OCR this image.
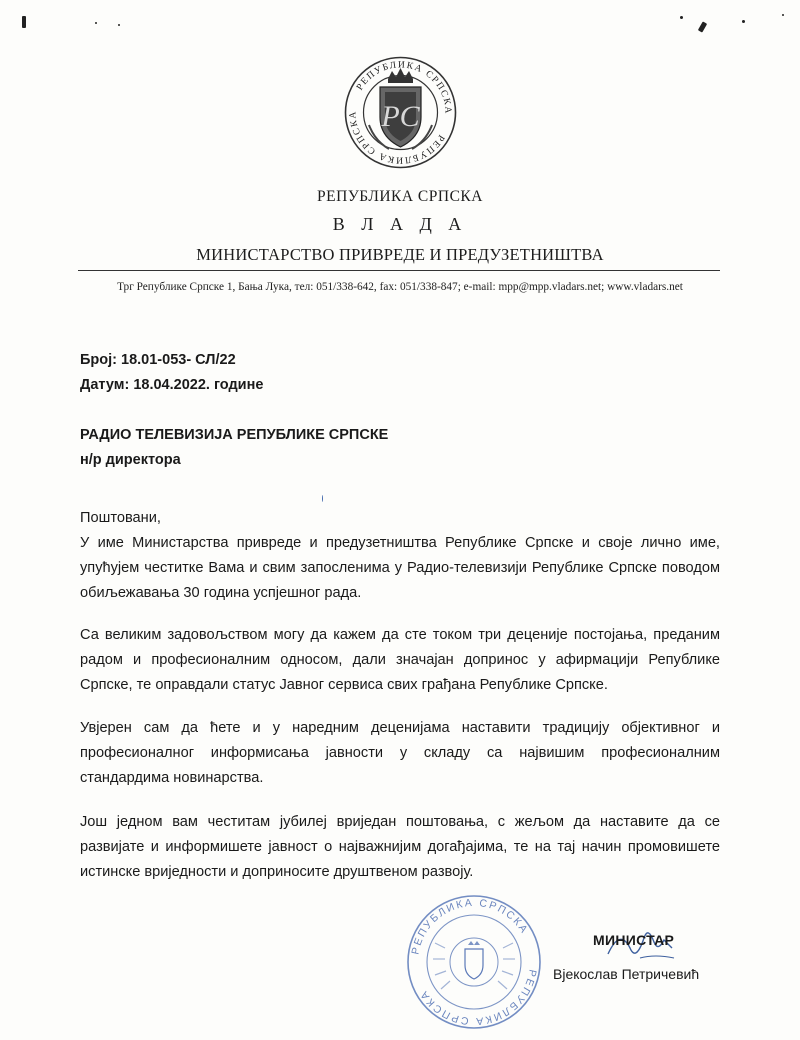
РЕПУБЛИКА СРПСКА
РЕПУБЛИКА СРПСКА РС
РЕПУБЛИКА СРПСКА
В Л А Д А
МИНИСТАРСТВО ПРИВРЕДЕ И ПРЕДУЗЕТНИШТВА
Трг Републике Српске 1, Бања Лука, тел: 051/338-642, fax: 051/338-847; e-mail: mpp@mpp.vladars.net; www.vladars.net
Број: 18.01-053- СЛ/22
Датум: 18.04.2022. године
РАДИО ТЕЛЕВИЗИЈА РЕПУБЛИКЕ СРПСКЕ
н/р директора
Поштовани,
У име Министарства привреде и предузетништва Републике Српске и своје лично име, упућујем честитке Вама и свим запосленима у Радио-телевизији Републике Српске поводом обиљежавања 30 година успјешног рада.
Са великим задовољством могу да кажем да сте током три деценије постојања, преданим радом и професионалним односом, дали значајан допринос у афирмацији Републике Српске, те оправдали статус Јавног сервиса свих грађана Републике Српске.
Увјерен сам да ћете и у наредним деценијама наставити традицију објективног и професионалног информисања јавности у складу са највишим професионалним стандардима новинарства.
Још једном вам честитам јубилеј вриједан поштовања, с жељом да наставите да се развијате и информишете јавност о најважнијим догађајима, те на тај начин промовишете истинске вриједности и доприносите друштвеном развоју.
РЕПУБЛИКА СРПСКА
РЕПУБЛИКА СРПСКА
МИНИСТАР
Вјекослав Петричевић
